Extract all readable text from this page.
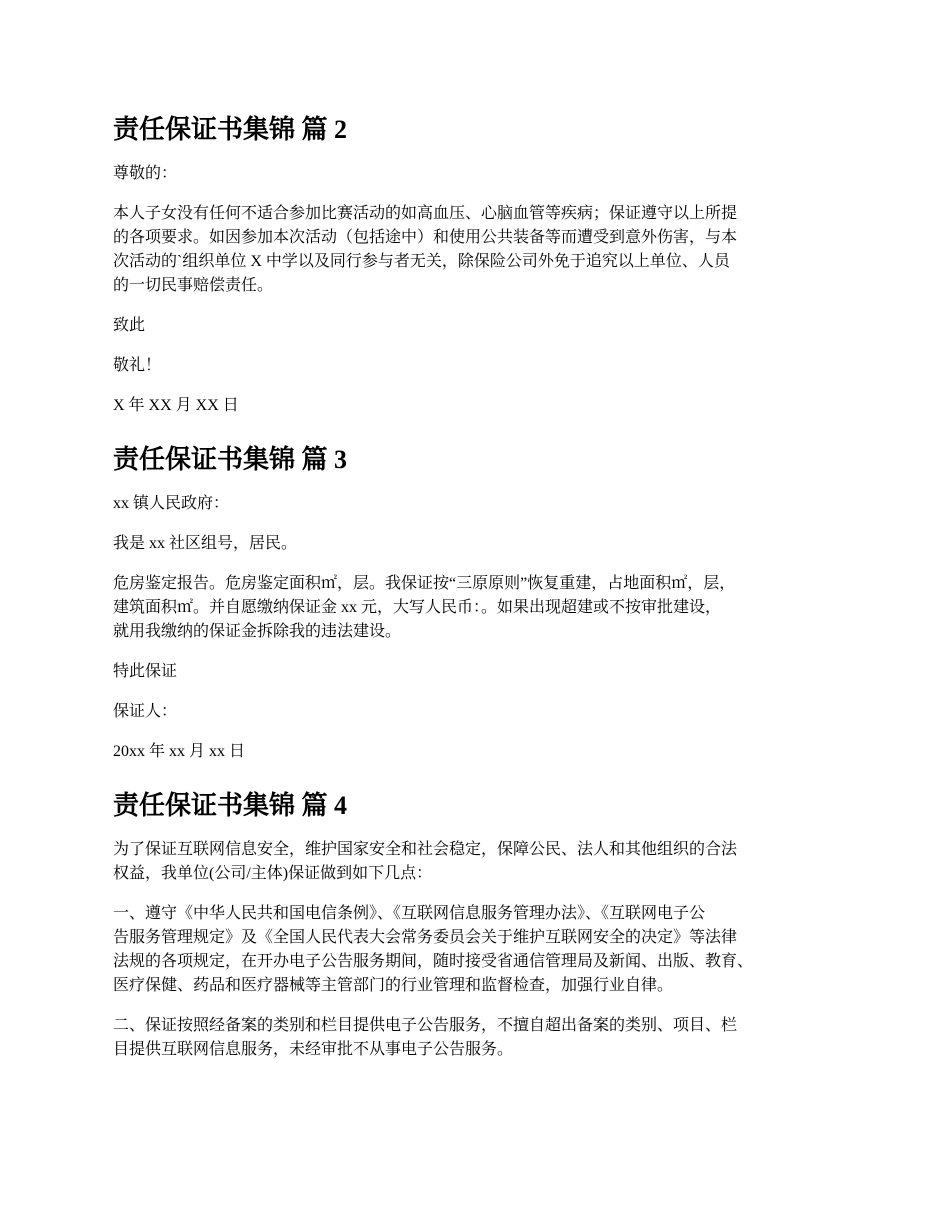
责任保证书集锦 篇 2

尊敬的：

本人子女没有任何不适合参加比赛活动的如高血压、心脑血管等疾病；保证遵守以上所提
的各项要求。如因参加本次活动（包括途中）和使用公共装备等而遭受到意外伤害，与本
次活动的`组织单位 X 中学以及同行参与者无关，除保险公司外免于追究以上单位、人员
的一切民事赔偿责任。

致此

敬礼！

X 年 XX 月 XX 日

责任保证书集锦 篇 3

xx 镇人民政府：

我是 xx 社区组号，居民。

危房鉴定报告。危房鉴定面积㎡，层。我保证按“三原原则”恢复重建，占地面积㎡，层，
建筑面积㎡。并自愿缴纳保证金 xx 元，大写人民币：。如果出现超建或不按审批建设，
就用我缴纳的保证金拆除我的违法建设。

特此保证

保证人：

20xx 年 xx 月 xx 日

责任保证书集锦 篇 4

为了保证互联网信息安全，维护国家安全和社会稳定，保障公民、法人和其他组织的合法
权益，我单位(公司/主体)保证做到如下几点：

一、遵守《中华人民共和国电信条例》、《互联网信息服务管理办法》、《互联网电子公
告服务管理规定》及《全国人民代表大会常务委员会关于维护互联网安全的决定》等法律
法规的各项规定，在开办电子公告服务期间，随时接受省通信管理局及新闻、出版、教育、
医疗保健、药品和医疗器械等主管部门的行业管理和监督检查，加强行业自律。

二、保证按照经备案的类别和栏目提供电子公告服务，不擅自超出备案的类别、项目、栏
目提供互联网信息服务，未经审批不从事电子公告服务。
